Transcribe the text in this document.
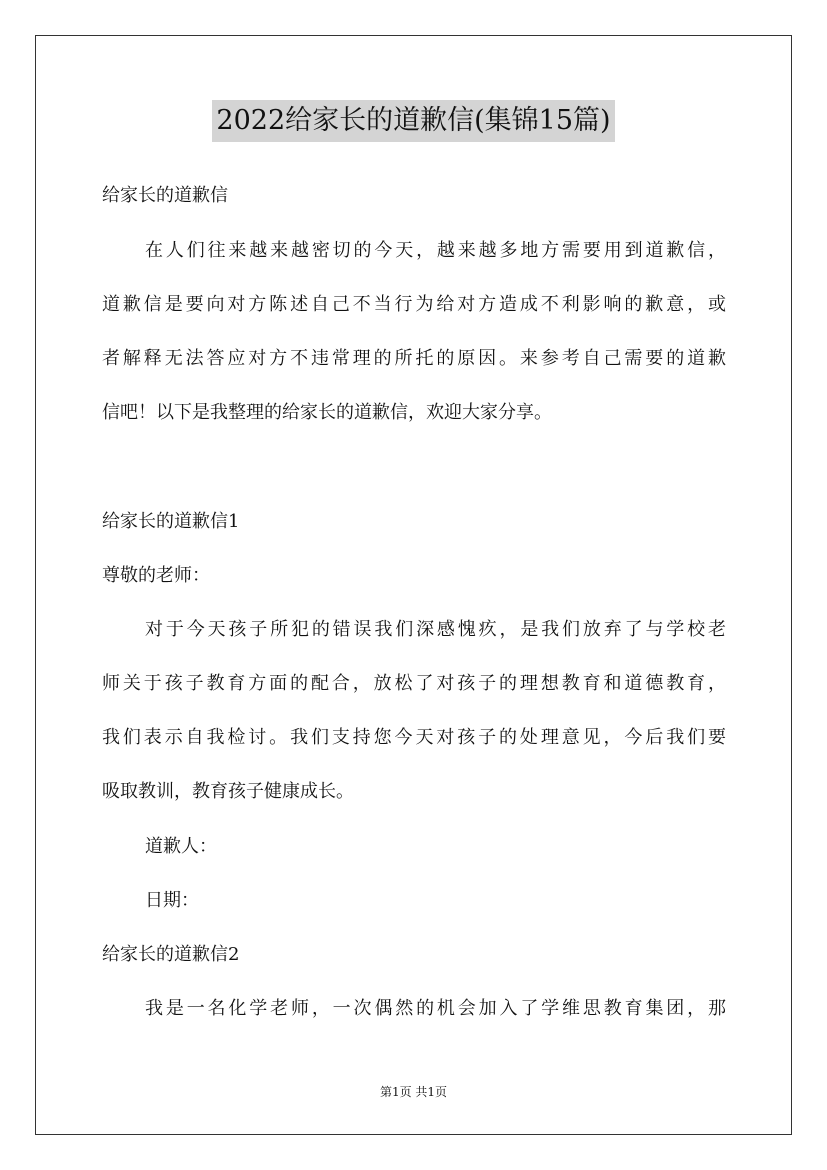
2022给家长的道歉信(集锦15篇)
给家长的道歉信
在人们往来越来越密切的今天，越来越多地方需要用到道歉信，
道歉信是要向对方陈述自己不当行为给对方造成不利影响的歉意，或
者解释无法答应对方不违常理的所托的原因。来参考自己需要的道歉
信吧！以下是我整理的给家长的道歉信，欢迎大家分享。
给家长的道歉信1
尊敬的老师：
对于今天孩子所犯的错误我们深感愧疚，是我们放弃了与学校老
师关于孩子教育方面的配合，放松了对孩子的理想教育和道德教育，
我们表示自我检讨。我们支持您今天对孩子的处理意见，今后我们要
吸取教训，教育孩子健康成长。
道歉人：
日期：
给家长的道歉信2
我是一名化学老师，一次偶然的机会加入了学维思教育集团，那
第1页 共1页
